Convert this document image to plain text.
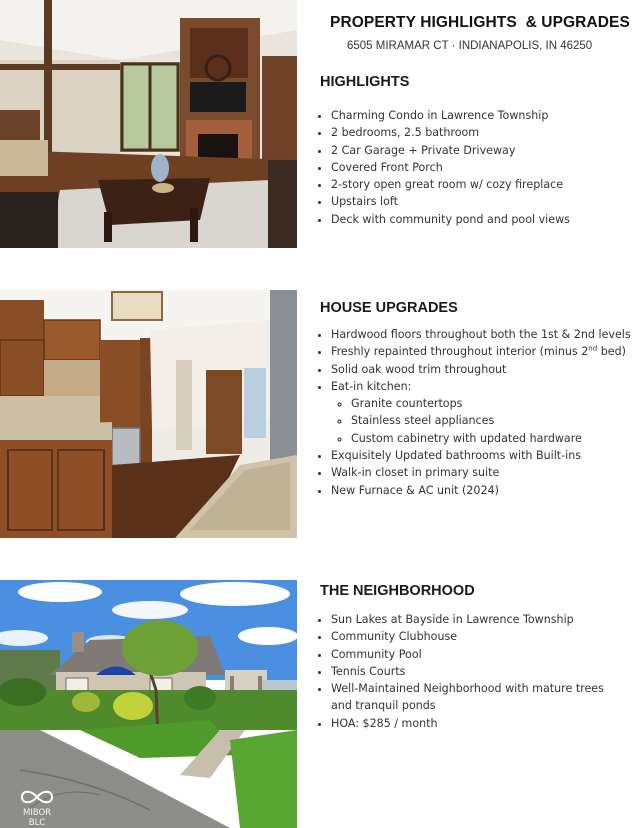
MIBOR BLC
PROPERTY HIGHLIGHTS  & UPGRADES
6505 MIRAMAR CT · INDIANAPOLIS, IN 46250
HIGHLIGHTS
• Charming Condo in Lawrence Township
• 2 bedrooms, 2.5 bathroom
• 2 Car Garage + Private Driveway
• Covered Front Porch
• 2-story open great room w/ cozy fireplace
• Upstairs loft
• Deck with community pond and pool views
HOUSE UPGRADES
• Hardwood floors throughout both the 1st & 2nd levels
• Freshly repainted throughout interior (minus 2nd bed)
• Solid oak wood trim throughout
• Eat-in kitchen:
◦ Granite countertops
◦ Stainless steel appliances
◦ Custom cabinetry with updated hardware
• Exquisitely Updated bathrooms with Built-ins
• Walk-in closet in primary suite
• New Furnace & AC unit (2024)
THE NEIGHBORHOOD
• Sun Lakes at Bayside in Lawrence Township
• Community Clubhouse
• Community Pool
• Tennis Courts
• Well-Maintained Neighborhood with mature trees and tranquil ponds
• HOA: $285 / month
